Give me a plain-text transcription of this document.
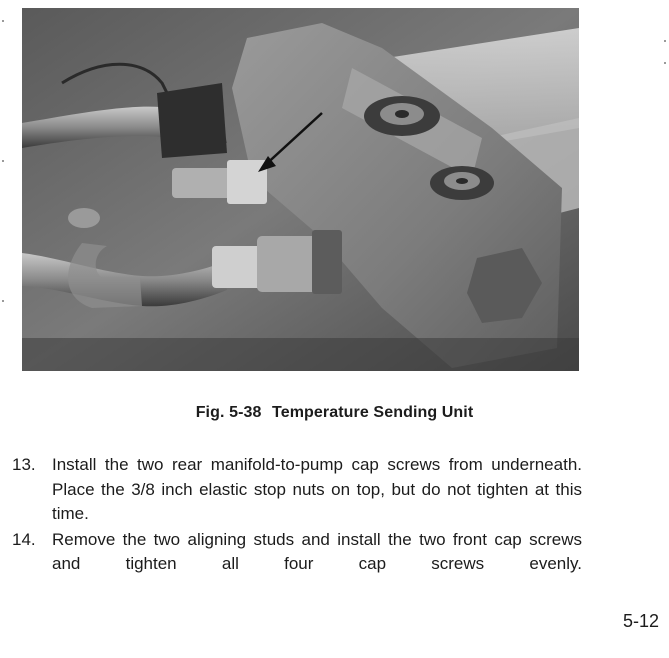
Fig. 5-38 Temperature Sending Unit
13. Install the two rear manifold-to-pump cap screws from underneath. Place the 3/8 inch elastic stop nuts on top, but do not tighten at this time.
14. Remove the two aligning studs and install the two front cap screws and tighten all four cap screws evenly.
5-12
